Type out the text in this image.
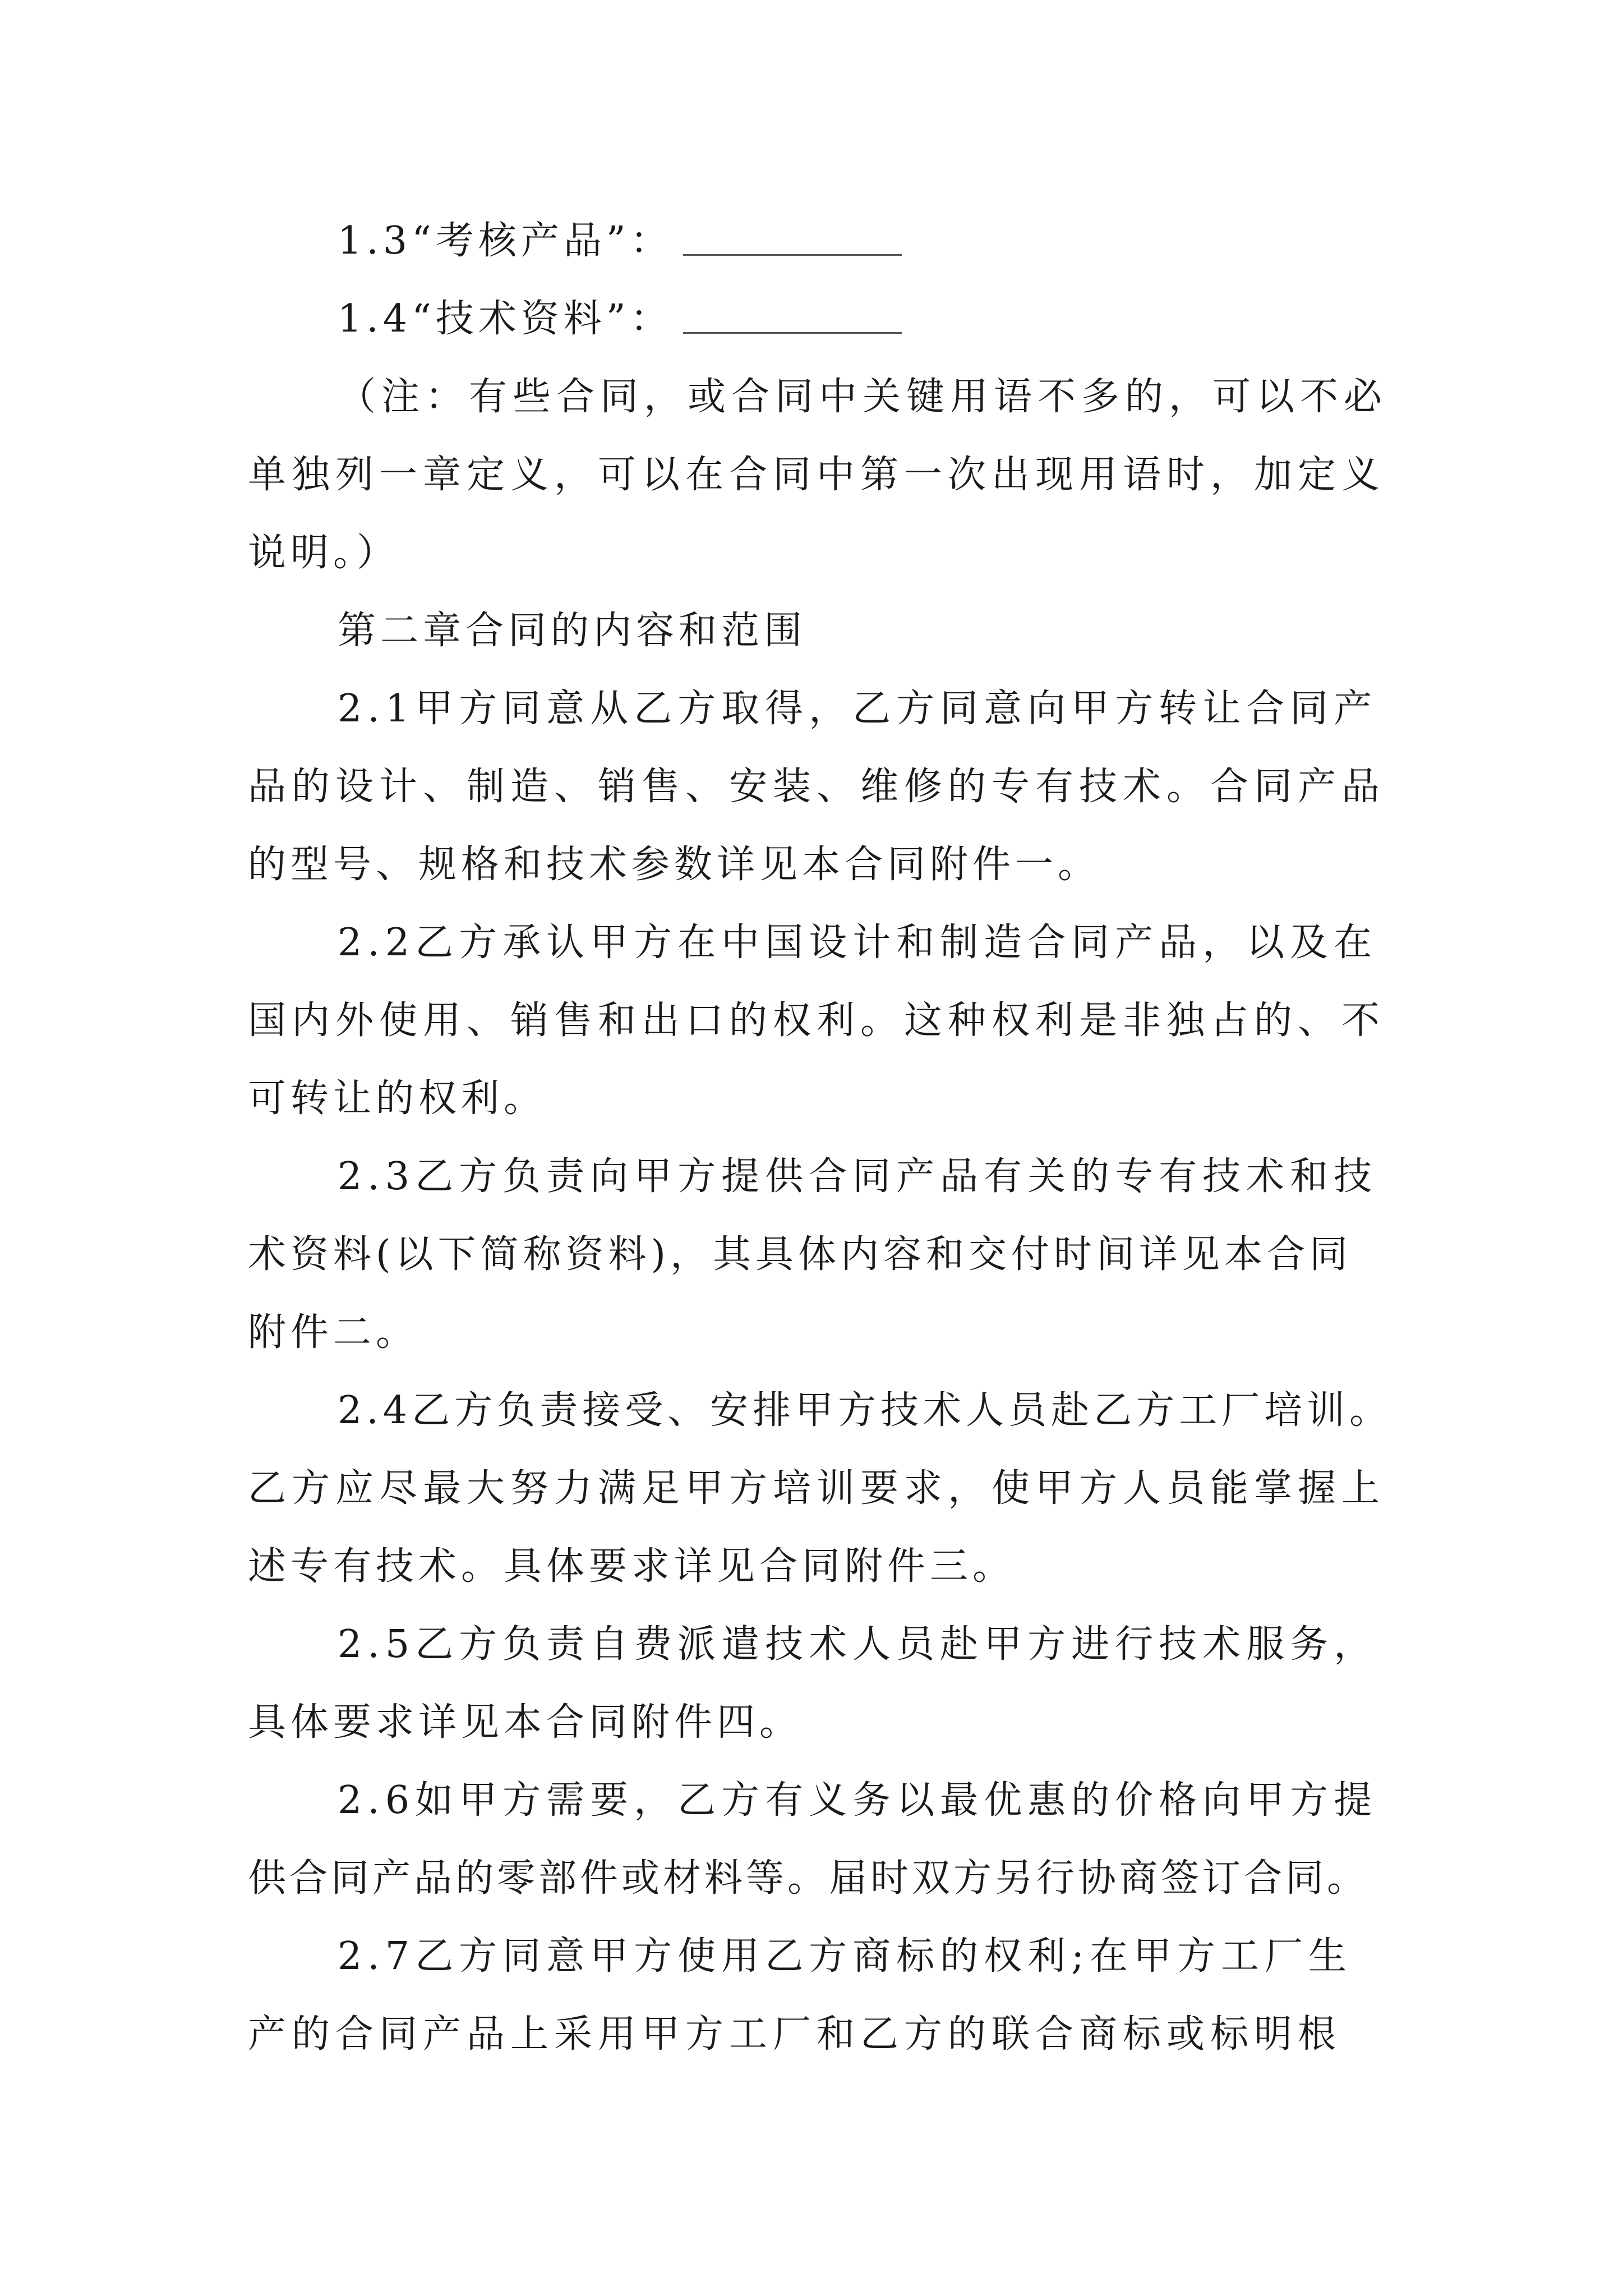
1.3“考核产品”：
1.4“技术资料”：
（注：有些合同，或合同中关键用语不多的，可以不必
单独列一章定义，可以在合同中第一次出现用语时，加定义
说明。）
第二章合同的内容和范围
2.1甲方同意从乙方取得，乙方同意向甲方转让合同产
品的设计、制造、销售、安装、维修的专有技术。合同产品
的型号、规格和技术参数详见本合同附件一。
2.2乙方承认甲方在中国设计和制造合同产品，以及在
国内外使用、销售和出口的权利。这种权利是非独占的、不
可转让的权利。
2.3乙方负责向甲方提供合同产品有关的专有技术和技
术资料(以下简称资料)，其具体内容和交付时间详见本合同
附件二。
2.4乙方负责接受、安排甲方技术人员赴乙方工厂培训。
乙方应尽最大努力满足甲方培训要求，使甲方人员能掌握上
述专有技术。具体要求详见合同附件三。
2.5乙方负责自费派遣技术人员赴甲方进行技术服务，
具体要求详见本合同附件四。
2.6如甲方需要，乙方有义务以最优惠的价格向甲方提
供合同产品的零部件或材料等。届时双方另行协商签订合同。
2.7乙方同意甲方使用乙方商标的权利;在甲方工厂生
产的合同产品上采用甲方工厂和乙方的联合商标或标明根
